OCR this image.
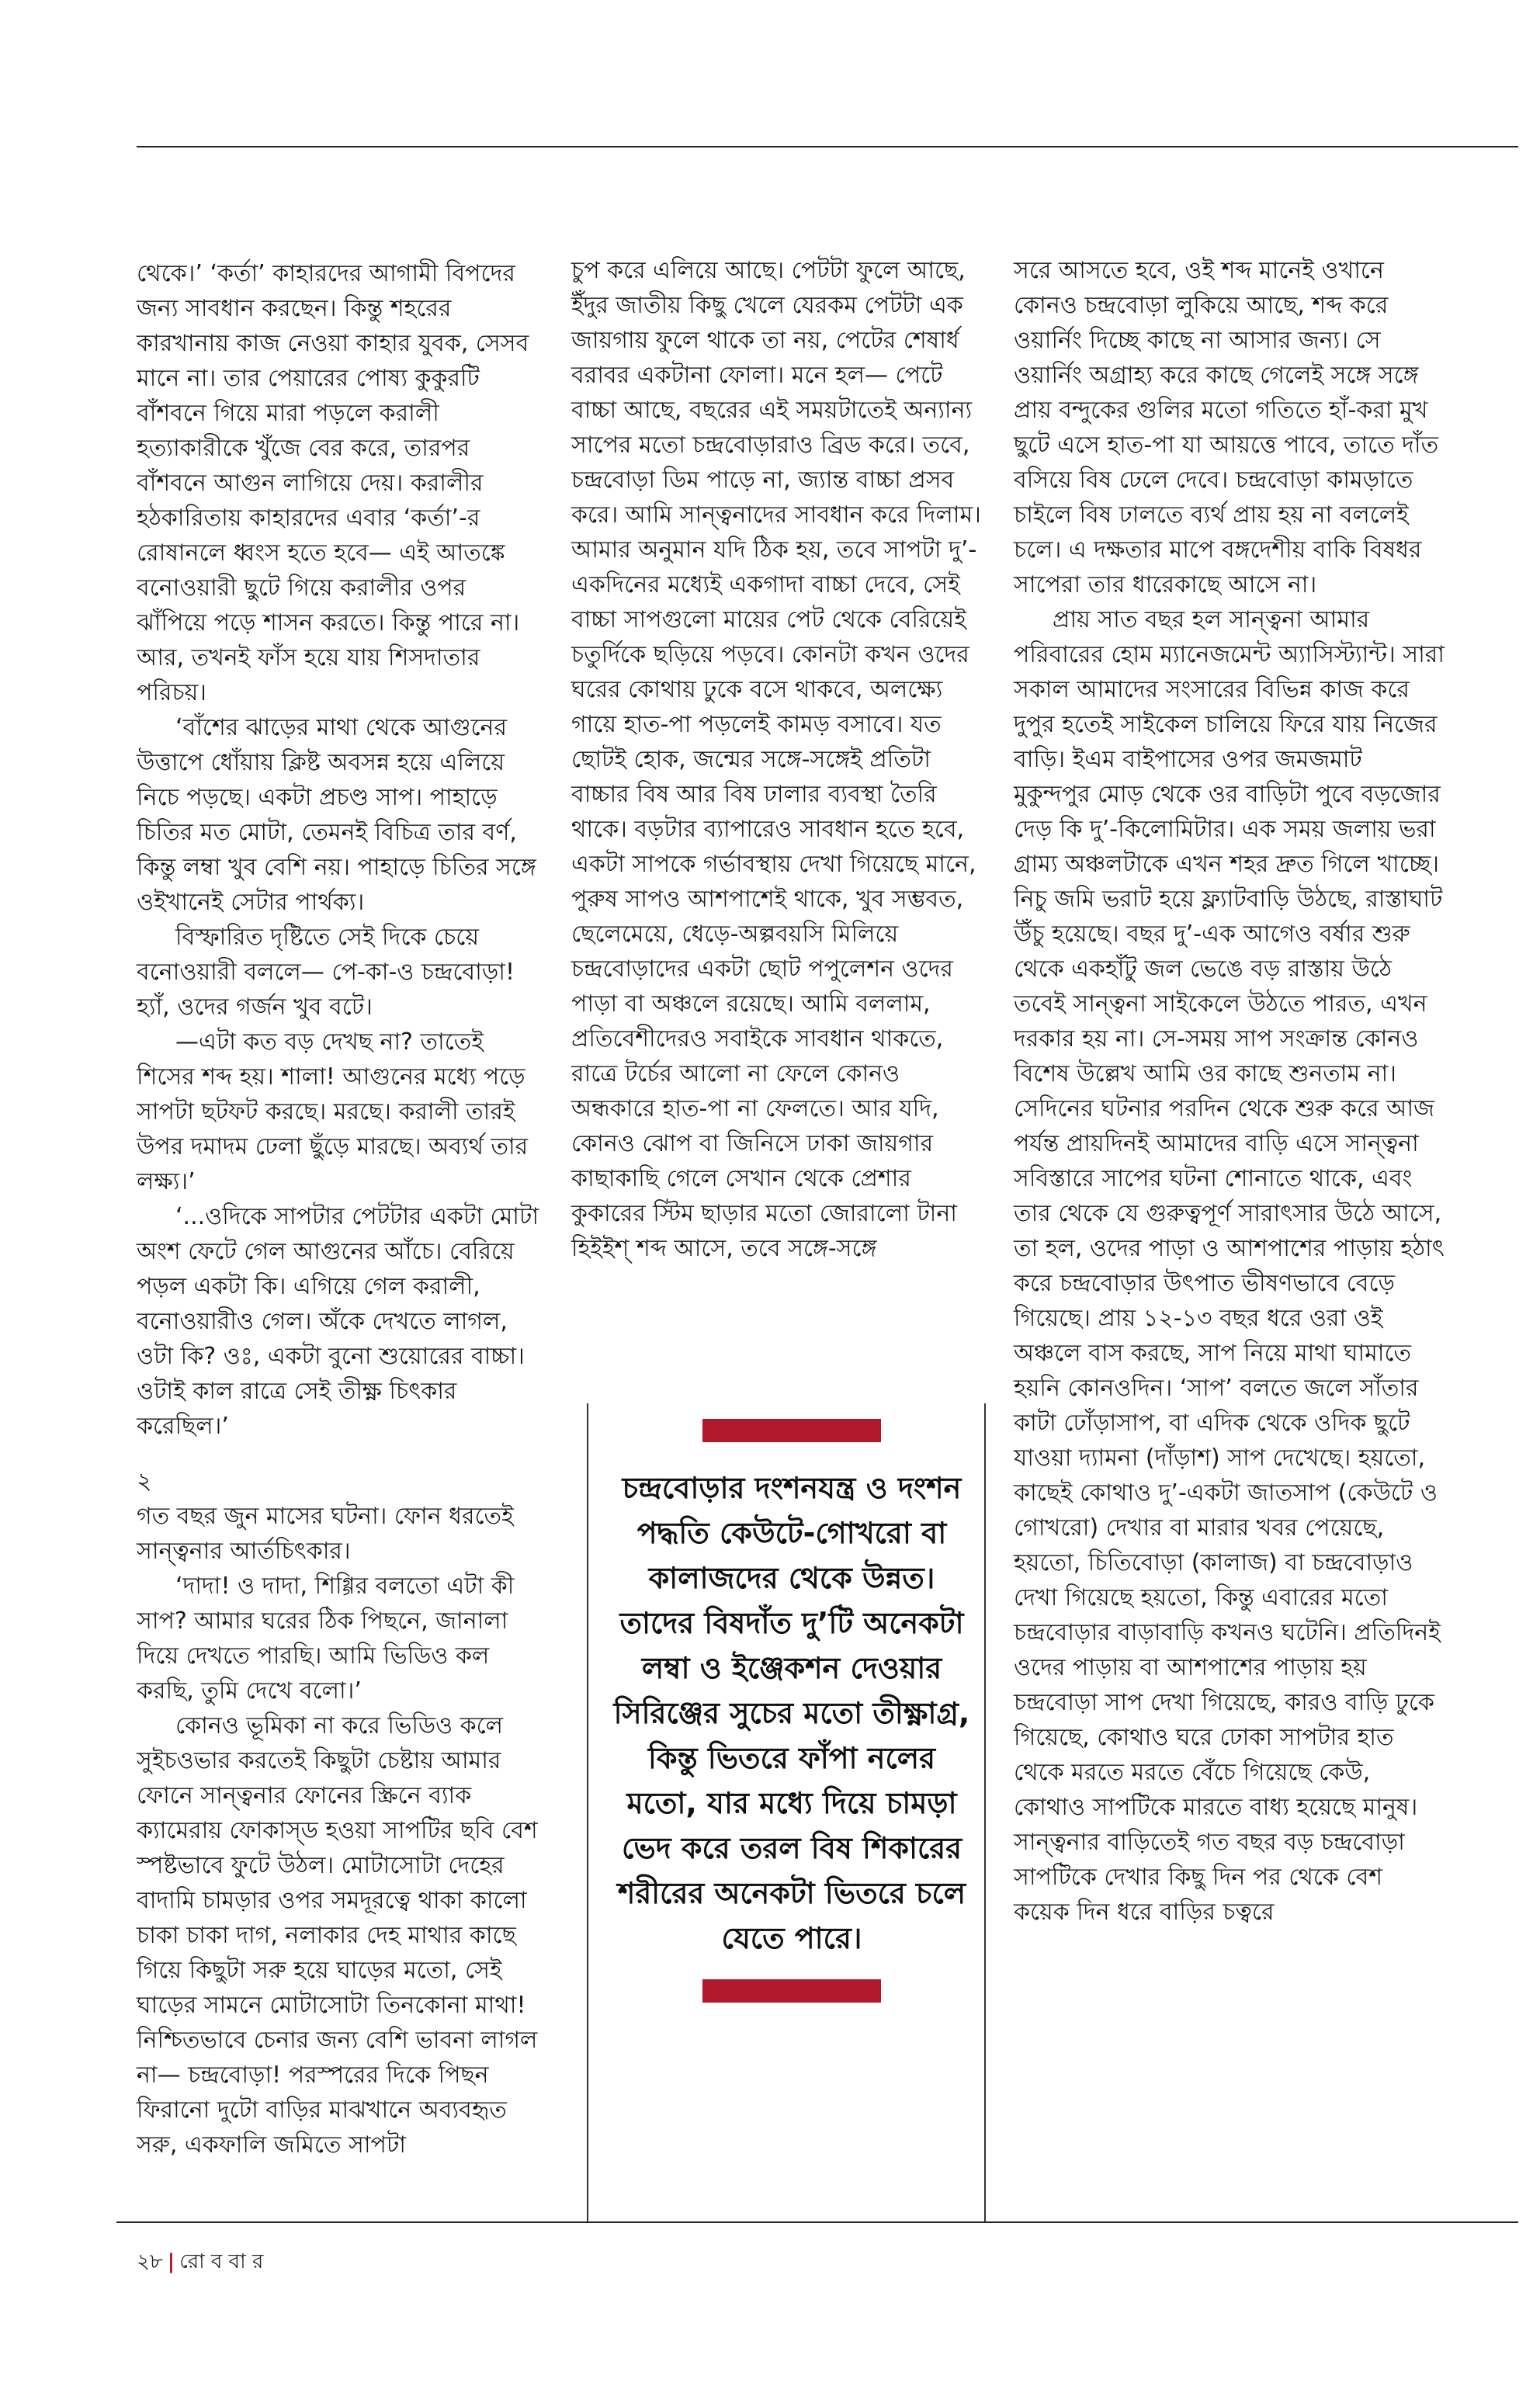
থেকে।’ ‘কর্তা’ কাহারদের আগামী বিপদের জন্য সাবধান করছেন। কিন্তু শহরের কারখানায় কাজ নেওয়া কাহার যুবক, সেসব মানে না। তার পেয়ারের পোষ্য কুকুরটি বাঁশবনে গিয়ে মারা পড়লে করালী হত্যাকারীকে খুঁজে বের করে, তারপর বাঁশবনে আগুন লাগিয়ে দেয়। করালীর হঠকারিতায় কাহারদের এবার ‘কর্তা’-র রোষানলে ধ্বংস হতে হবে— এই আতঙ্কে বনোওয়ারী ছুটে গিয়ে করালীর ওপর ঝাঁপিয়ে পড়ে শাসন করতে। কিন্তু পারে না। আর, তখনই ফাঁস হয়ে যায় শিসদাতার পরিচয়।

‘বাঁশের ঝাড়ের মাথা থেকে আগুনের উত্তাপে ধোঁয়ায় ক্লিষ্ট অবসন্ন হয়ে এলিয়ে নিচে পড়ছে। একটা প্রচণ্ড সাপ। পাহাড়ে চিতির মত মোটা, তেমনই বিচিত্র তার বর্ণ, কিন্তু লম্বা খুব বেশি নয়। পাহাড়ে চিতির সঙ্গে ওইখানেই সেটার পার্থক্য।

বিস্ফারিত দৃষ্টিতে সেই দিকে চেয়ে বনোওয়ারী বললে— পে-কা-ও চন্দ্রবোড়া! হ্যাঁ, ওদের গর্জন খুব বটে।

—এটা কত বড় দেখছ না? তাতেই শিসের শব্দ হয়। শালা! আগুনের মধ্যে পড়ে সাপটা ছটফট করছে। মরছে। করালী তারই উপর দমাদম ঢেলা ছুঁড়ে মারছে। অব্যর্থ তার লক্ষ্য।’

‘...ওদিকে সাপটার পেটটার একটা মোটা অংশ ফেটে গেল আগুনের আঁচে। বেরিয়ে পড়ল একটা কি। এগিয়ে গেল করালী, বনোওয়ারীও গেল। অঁকে দেখতে লাগল, ওটা কি? ওঃ, একটা বুনো শুয়োরের বাচ্চা। ওটাই কাল রাত্রে সেই তীক্ষ্ণ চিৎকার করেছিল।’

২

গত বছর জুন মাসের ঘটনা। ফোন ধরতেই সান্ত্বনার আর্তচিৎকার।

‘দাদা! ও দাদা, শিগ্গির বলতো এটা কী সাপ? আমার ঘরের ঠিক পিছনে, জানালা দিয়ে দেখতে পারছি। আমি ভিডিও কল করছি, তুমি দেখে বলো।’

কোনও ভূমিকা না করে ভিডিও কলে সুইচওভার করতেই কিছুটা চেষ্টায় আমার ফোনে সান্ত্বনার ফোনের স্ক্রিনে ব্যাক ক্যামেরায় ফোকাস্ড হওয়া সাপটির ছবি বেশ স্পষ্টভাবে ফুটে উঠল। মোটাসোটা দেহের বাদামি চামড়ার ওপর সমদূরত্বে থাকা কালো চাকা চাকা দাগ, নলাকার দেহ মাথার কাছে গিয়ে কিছুটা সরু হয়ে ঘাড়ের মতো, সেই ঘাড়ের সামনে মোটাসোটা তিনকোনা মাথা! নিশ্চিতভাবে চেনার জন্য বেশি ভাবনা লাগল না— চন্দ্রবোড়া! পরস্পরের দিকে পিছন ফিরানো দুটো বাড়ির মাঝখানে অব্যবহৃত সরু, একফালি জমিতে সাপটা

চুপ করে এলিয়ে আছে। পেটটা ফুলে আছে, ইঁদুর জাতীয় কিছু খেলে যেরকম পেটটা এক জায়গায় ফুলে থাকে তা নয়, পেটের শেষার্ধ বরাবর একটানা ফোলা। মনে হল— পেটে বাচ্চা আছে, বছরের এই সময়টাতেই অন্যান্য সাপের মতো চন্দ্রবোড়ারাও ব্রিড করে। তবে, চন্দ্রবোড়া ডিম পাড়ে না, জ্যান্ত বাচ্চা প্রসব করে। আমি সান্ত্বনাদের সাবধান করে দিলাম। আমার অনুমান যদি ঠিক হয়, তবে সাপটা দু’-একদিনের মধ্যেই একগাদা বাচ্চা দেবে, সেই বাচ্চা সাপগুলো মায়ের পেট থেকে বেরিয়েই চতুর্দিকে ছড়িয়ে পড়বে। কোনটা কখন ওদের ঘরের কোথায় ঢুকে বসে থাকবে, অলক্ষ্যে গায়ে হাত-পা পড়লেই কামড় বসাবে। যত ছোটই হোক, জন্মের সঙ্গে-সঙ্গেই প্রতিটা বাচ্চার বিষ আর বিষ ঢালার ব্যবস্থা তৈরি থাকে। বড়টার ব্যাপারেও সাবধান হতে হবে, একটা সাপকে গর্ভাবস্থায় দেখা গিয়েছে মানে, পুরুষ সাপও আশপাশেই থাকে, খুব সম্ভবত, ছেলেমেয়ে, ধেড়ে-অল্পবয়সি মিলিয়ে চন্দ্রবোড়াদের একটা ছোট পপুলেশন ওদের পাড়া বা অঞ্চলে রয়েছে। আমি বললাম, প্রতিবেশীদেরও সবাইকে সাবধান থাকতে, রাত্রে টর্চের আলো না ফেলে কোনও অন্ধকারে হাত-পা না ফেলতে। আর যদি, কোনও ঝোপ বা জিনিসে ঢাকা জায়গার কাছাকাছি গেলে সেখান থেকে প্রেশার কুকারের স্টিম ছাড়ার মতো জোরালো টানা হিইইশ্ শব্দ আসে, তবে সঙ্গে-সঙ্গে

সরে আসতে হবে, ওই শব্দ মানেই ওখানে কোনও চন্দ্রবোড়া লুকিয়ে আছে, শব্দ করে ওয়ার্নিং দিচ্ছে কাছে না আসার জন্য। সে ওয়ার্নিং অগ্রাহ্য করে কাছে গেলেই সঙ্গে সঙ্গে প্রায় বন্দুকের গুলির মতো গতিতে হাঁ-করা মুখ ছুটে এসে হাত-পা যা আয়ত্তে পাবে, তাতে দাঁত বসিয়ে বিষ ঢেলে দেবে। চন্দ্রবোড়া কামড়াতে চাইলে বিষ ঢালতে ব্যর্থ প্রায় হয় না বললেই চলে। এ দক্ষতার মাপে বঙ্গদেশীয় বাকি বিষধর সাপেরা তার ধারেকাছে আসে না।

প্রায় সাত বছর হল সান্ত্বনা আমার পরিবারের হোম ম্যানেজমেন্ট অ্যাসিস্ট্যান্ট। সারা সকাল আমাদের সংসারের বিভিন্ন কাজ করে দুপুর হতেই সাইকেল চালিয়ে ফিরে যায় নিজের বাড়ি। ইএম বাইপাসের ওপর জমজমাট মুকুন্দপুর মোড় থেকে ওর বাড়িটা পুবে বড়জোর দেড় কি দু’-কিলোমিটার। এক সময় জলায় ভরা গ্রাম্য অঞ্চলটাকে এখন শহর দ্রুত গিলে খাচ্ছে। নিচু জমি ভরাট হয়ে ফ্ল্যাটবাড়ি উঠছে, রাস্তাঘাট উঁচু হয়েছে। বছর দু’-এক আগেও বর্ষার শুরু থেকে একহাঁটু জল ভেঙে বড় রাস্তায় উঠে তবেই সান্ত্বনা সাইকেলে উঠতে পারত, এখন দরকার হয় না। সে-সময় সাপ সংক্রান্ত কোনও বিশেষ উল্লেখ আমি ওর কাছে শুনতাম না। সেদিনের ঘটনার পরদিন থেকে শুরু করে আজ পর্যন্ত প্রায়দিনই আমাদের বাড়ি এসে সান্ত্বনা সবিস্তারে সাপের ঘটনা শোনাতে থাকে, এবং তার থেকে যে গুরুত্বপূর্ণ সারাৎসার উঠে আসে, তা হল, ওদের পাড়া ও আশপাশের পাড়ায় হঠাৎ করে চন্দ্রবোড়ার উৎপাত ভীষণভাবে বেড়ে গিয়েছে। প্রায় ১২-১৩ বছর ধরে ওরা ওই অঞ্চলে বাস করছে, সাপ নিয়ে মাথা ঘামাতে হয়নি কোনওদিন। ‘সাপ’ বলতে জলে সাঁতার কাটা ঢোঁড়াসাপ, বা এদিক থেকে ওদিক ছুটে যাওয়া দ্যামনা (দাঁড়াশ) সাপ দেখেছে। হয়তো, কাছেই কোথাও দু’-একটা জাতসাপ (কেউটে ও গোখরো) দেখার বা মারার খবর পেয়েছে, হয়তো, চিতিবোড়া (কালাজ) বা চন্দ্রবোড়াও দেখা গিয়েছে হয়তো, কিন্তু এবারের মতো চন্দ্রবোড়ার বাড়াবাড়ি কখনও ঘটেনি। প্রতিদিনই ওদের পাড়ায় বা আশপাশের পাড়ায় হয় চন্দ্রবোড়া সাপ দেখা গিয়েছে, কারও বাড়ি ঢুকে গিয়েছে, কোথাও ঘরে ঢোকা সাপটার হাত থেকে মরতে মরতে বেঁচে গিয়েছে কেউ, কোথাও সাপটিকে মারতে বাধ্য হয়েছে মানুষ। সান্ত্বনার বাড়িতেই গত বছর বড় চন্দ্রবোড়া সাপটিকে দেখার কিছু দিন পর থেকে বেশ কয়েক দিন ধরে বাড়ির চত্বরে

চন্দ্রবোড়ার দংশনযন্ত্র ও দংশন পদ্ধতি কেউটে-গোখরো বা কালাজদের থেকে উন্নত। তাদের বিষদাঁত দু’টি অনেকটা লম্বা ও ইঞ্জেকশন দেওয়ার সিরিঞ্জের সুচের মতো তীক্ষ্ণাগ্র, কিন্তু ভিতরে ফাঁপা নলের মতো, যার মধ্যে দিয়ে চামড়া ভেদ করে তরল বিষ শিকারের শরীরের অনেকটা ভিতরে চলে যেতে পারে।

২৮ | রো ব বা র
